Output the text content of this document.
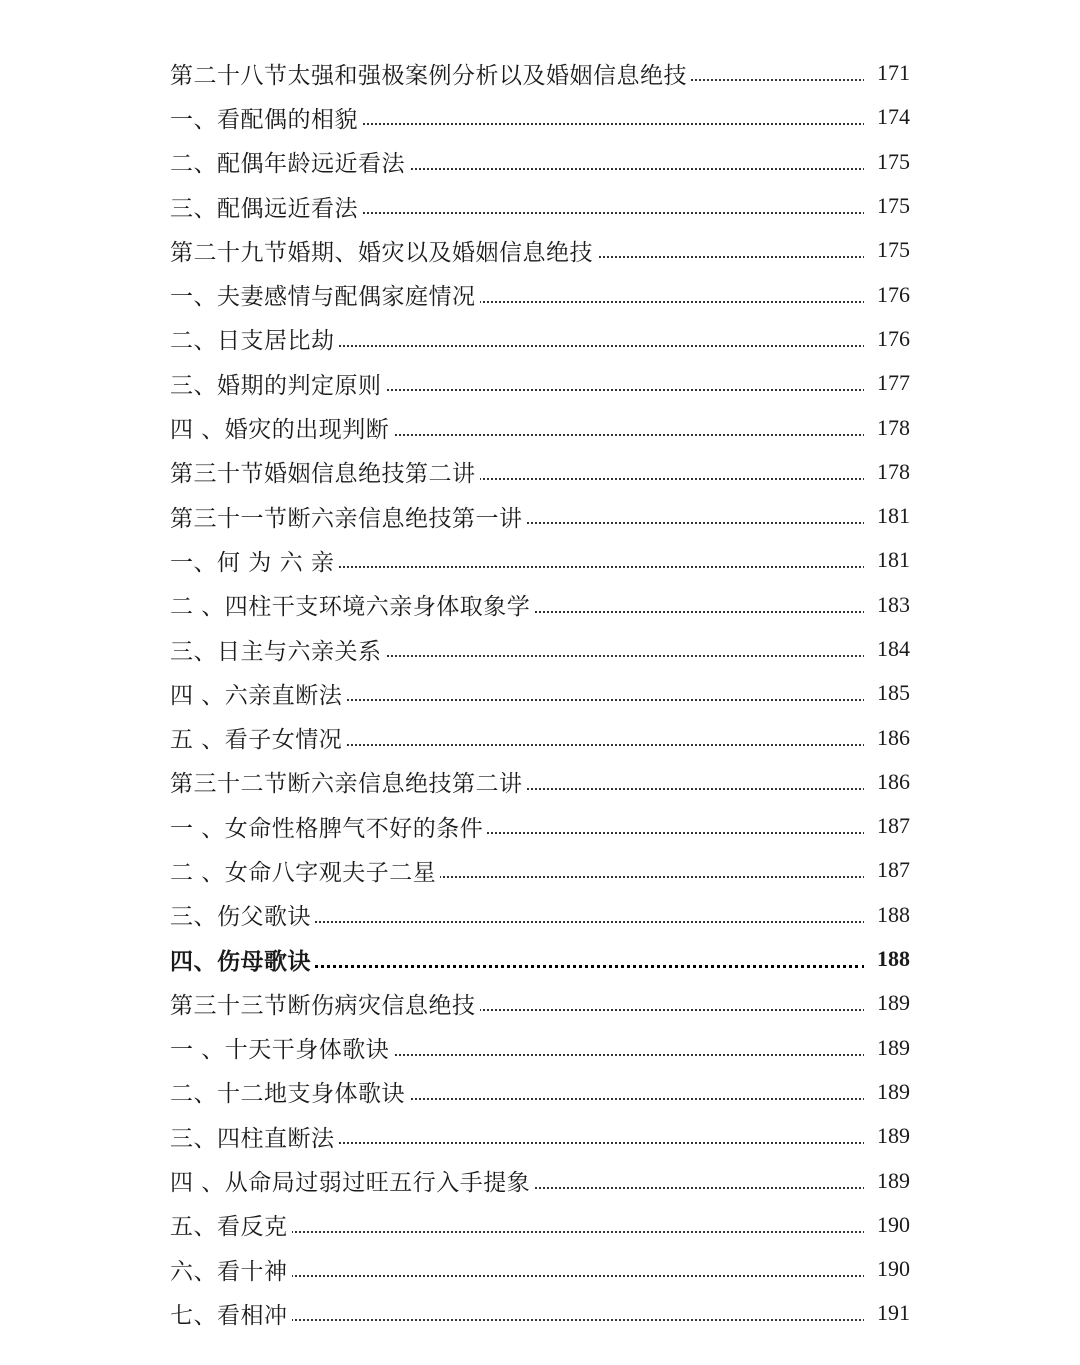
第二十八节太强和强极案例分析以及婚姻信息绝技	171
一、看配偶的相貌	174
二、配偶年龄远近看法	175
三、配偶远近看法	175
第二十九节婚期、婚灾以及婚姻信息绝技	175
一、夫妻感情与配偶家庭情况	176
二、日支居比劫	176
三、婚期的判定原则	177
四 、婚灾的出现判断	178
第三十节婚姻信息绝技第二讲	178
第三十一节断六亲信息绝技第一讲	181
一、何 为 六 亲	181
二 、四柱干支环境六亲身体取象学	183
三、日主与六亲关系	184
四 、六亲直断法	185
五 、看子女情况	186
第三十二节断六亲信息绝技第二讲	186
一 、女命性格脾气不好的条件	187
二 、女命八字观夫子二星	187
三、伤父歌诀	188
四、伤母歌诀	188
第三十三节断伤病灾信息绝技	189
一 、十天干身体歌诀	189
二、十二地支身体歌诀	189
三、四柱直断法	189
四 、从命局过弱过旺五行入手提象	189
五、看反克	190
六、看十神	190
七、看相冲	191
